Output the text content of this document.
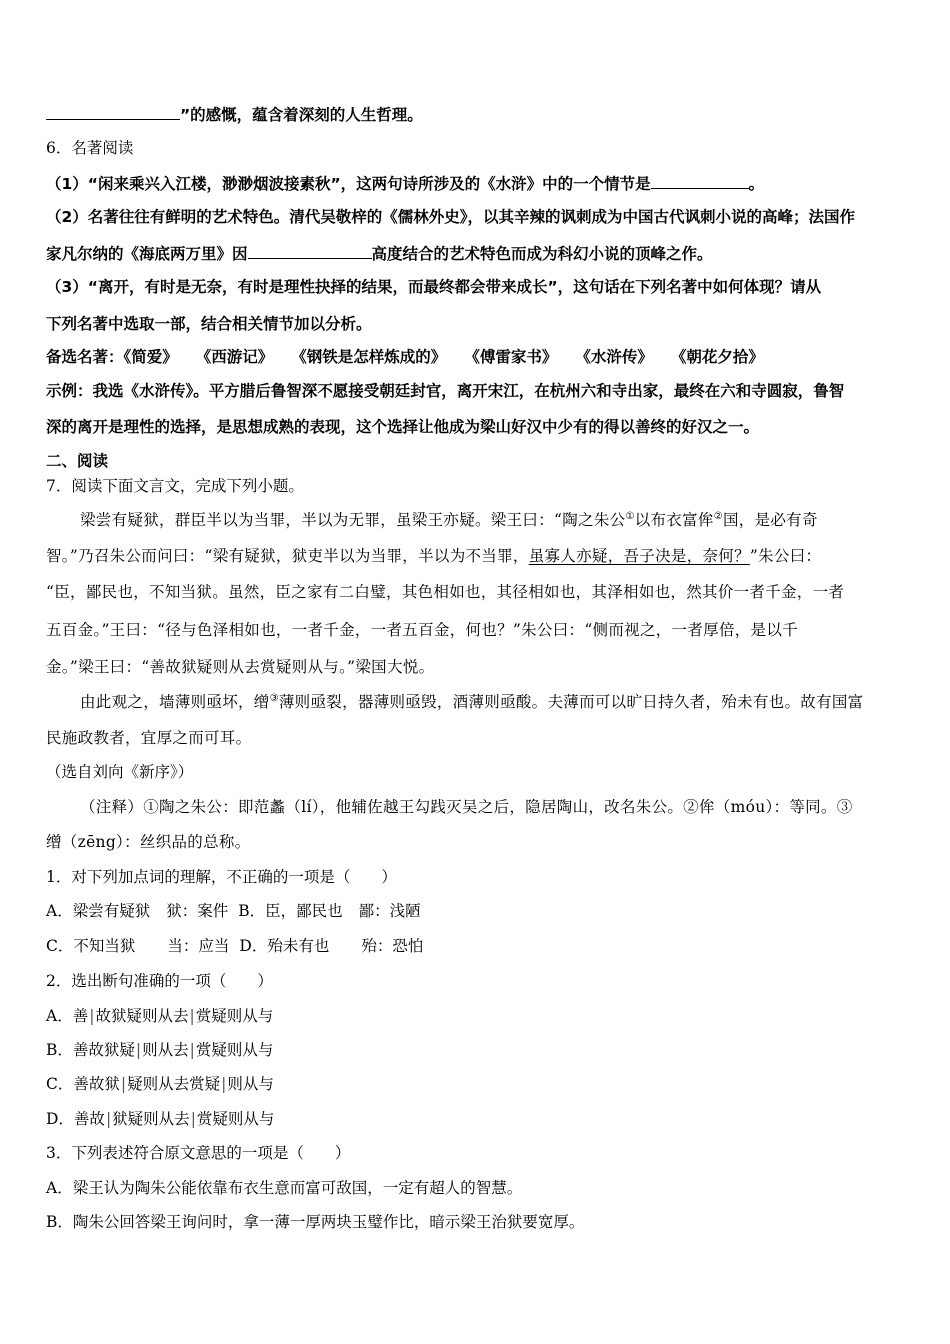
”的感慨，蕴含着深刻的人生哲理。
6．名著阅读
（1）“闲来乘兴入江楼，渺渺烟波接素秋”，这两句诗所涉及的《水浒》中的一个情节是	。
（2）名著往往有鲜明的艺术特色。清代吴敬梓的《儒林外史》，以其辛辣的讽刺成为中国古代讽刺小说的高峰；法国作
家凡尔纳的《海底两万里》因	高度结合的艺术特色而成为科幻小说的顶峰之作。
（3）“离开，有时是无奈，有时是理性抉择的结果，而最终都会带来成长”，这句话在下列名著中如何体现？请从
下列名著中选取一部，结合相关情节加以分析。
备选名著：《简爱》 《西游记》 《钢铁是怎样炼成的》 《傅雷家书》 《水浒传》 《朝花夕拾》
示例：我选《水浒传》。平方腊后鲁智深不愿接受朝廷封官，离开宋江，在杭州六和寺出家，最终在六和寺圆寂，鲁智
深的离开是理性的选择，是思想成熟的表现，这个选择让他成为梁山好汉中少有的得以善终的好汉之一。
二、阅读
7．阅读下面文言文，完成下列小题。
梁尝有疑狱，群臣半以为当罪，半以为无罪，虽梁王亦疑。梁王曰：“陶之朱公①以布衣富侔②国，是必有奇
智。”乃召朱公而问曰：“梁有疑狱，狱吏半以为当罪，半以为不当罪，虽寡人亦疑，吾子决是，奈何？”朱公曰：
“臣，鄙民也，不知当狱。虽然，臣之家有二白璧，其色相如也，其径相如也，其泽相如也，然其价一者千金，一者
五百金。”王曰：“径与色泽相如也，一者千金，一者五百金，何也？”朱公曰：“侧而视之，一者厚倍，是以千
金。”梁王曰：“善故狱疑则从去赏疑则从与。”梁国大悦。
由此观之，墙薄则亟坏，缯③薄则亟裂，器薄则亟毁，酒薄则亟酸。夫薄而可以旷日持久者，殆未有也。故有国富
民施政教者，宜厚之而可耳。
（选自刘向《新序》）
（注释）①陶之朱公：即范蠡（lí），他辅佐越王勾践灭吴之后，隐居陶山，改名朱公。②侔（móu）：等同。③
缯（zēng）：丝织品的总称。
1．对下列加点词的理解，不正确的一项是（　　）
A．梁尝有疑狱 狱：案件 B．臣，鄙民也 鄙：浅陋
C．不知当狱 当：应当 D．殆未有也 殆：恐怕
2．选出断句准确的一项（　　）
A．善|故狱疑则从去|赏疑则从与
B．善故狱疑|则从去|赏疑则从与
C．善故狱|疑则从去赏疑|则从与
D．善故|狱疑则从去|赏疑则从与
3．下列表述符合原文意思的一项是（　　）
A．梁王认为陶朱公能依靠布衣生意而富可敌国，一定有超人的智慧。
B．陶朱公回答梁王询问时，拿一薄一厚两块玉璧作比，暗示梁王治狱要宽厚。
